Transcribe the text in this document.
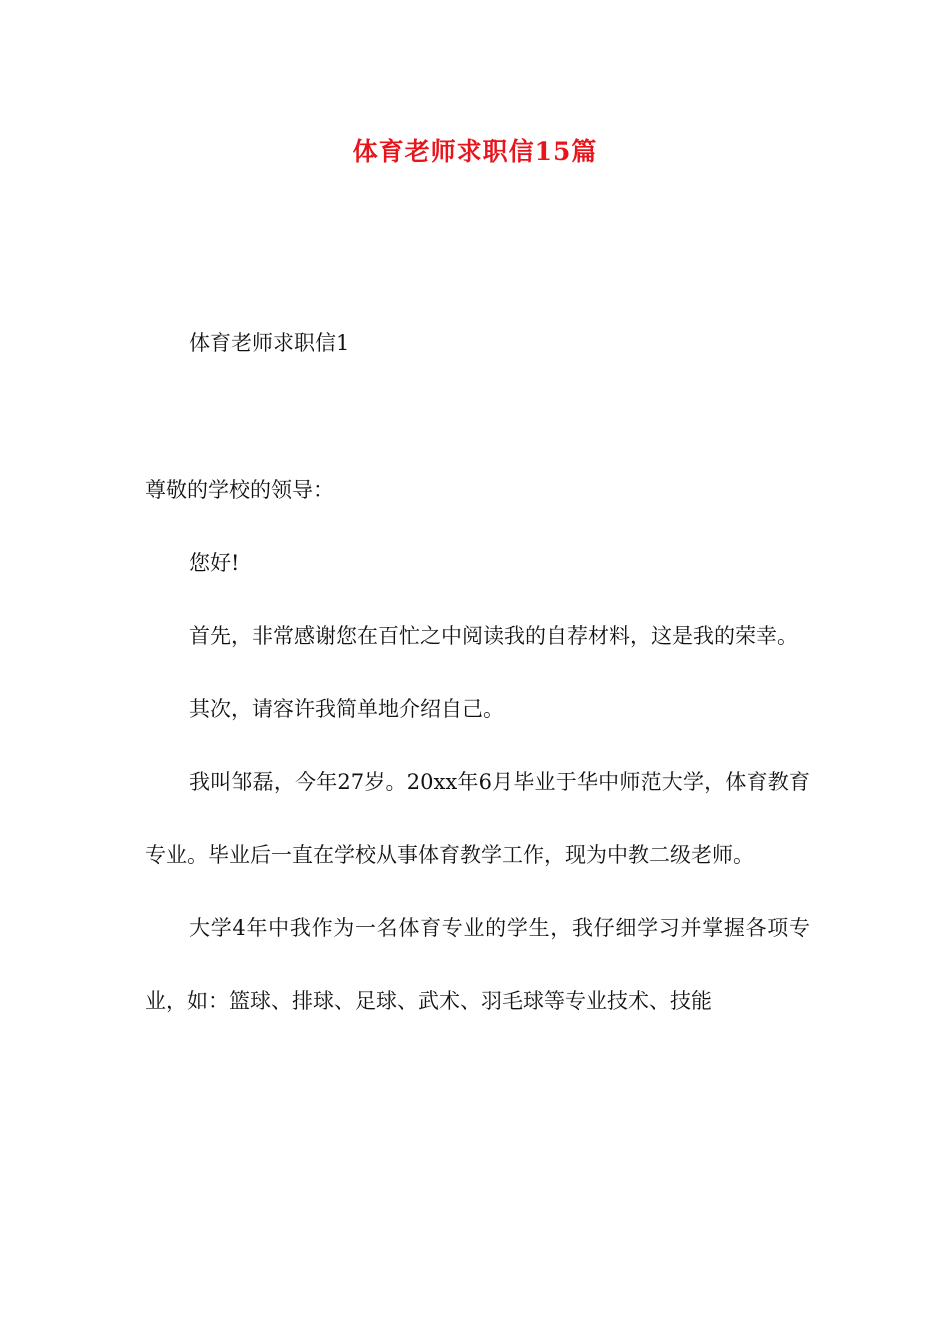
体育老师求职信15篇
体育老师求职信1

尊敬的学校的领导：

您好!

首先，非常感谢您在百忙之中阅读我的自荐材料，这是我的荣幸。

其次，请容许我简单地介绍自己。

我叫邹磊，今年27岁。20xx年6月毕业于华中师范大学，体育教育专业。毕业后一直在学校从事体育教学工作，现为中教二级老师。

大学4年中我作为一名体育专业的学生，我仔细学习并掌握各项专业，如：篮球、排球、足球、武术、羽毛球等专业技术、技能
